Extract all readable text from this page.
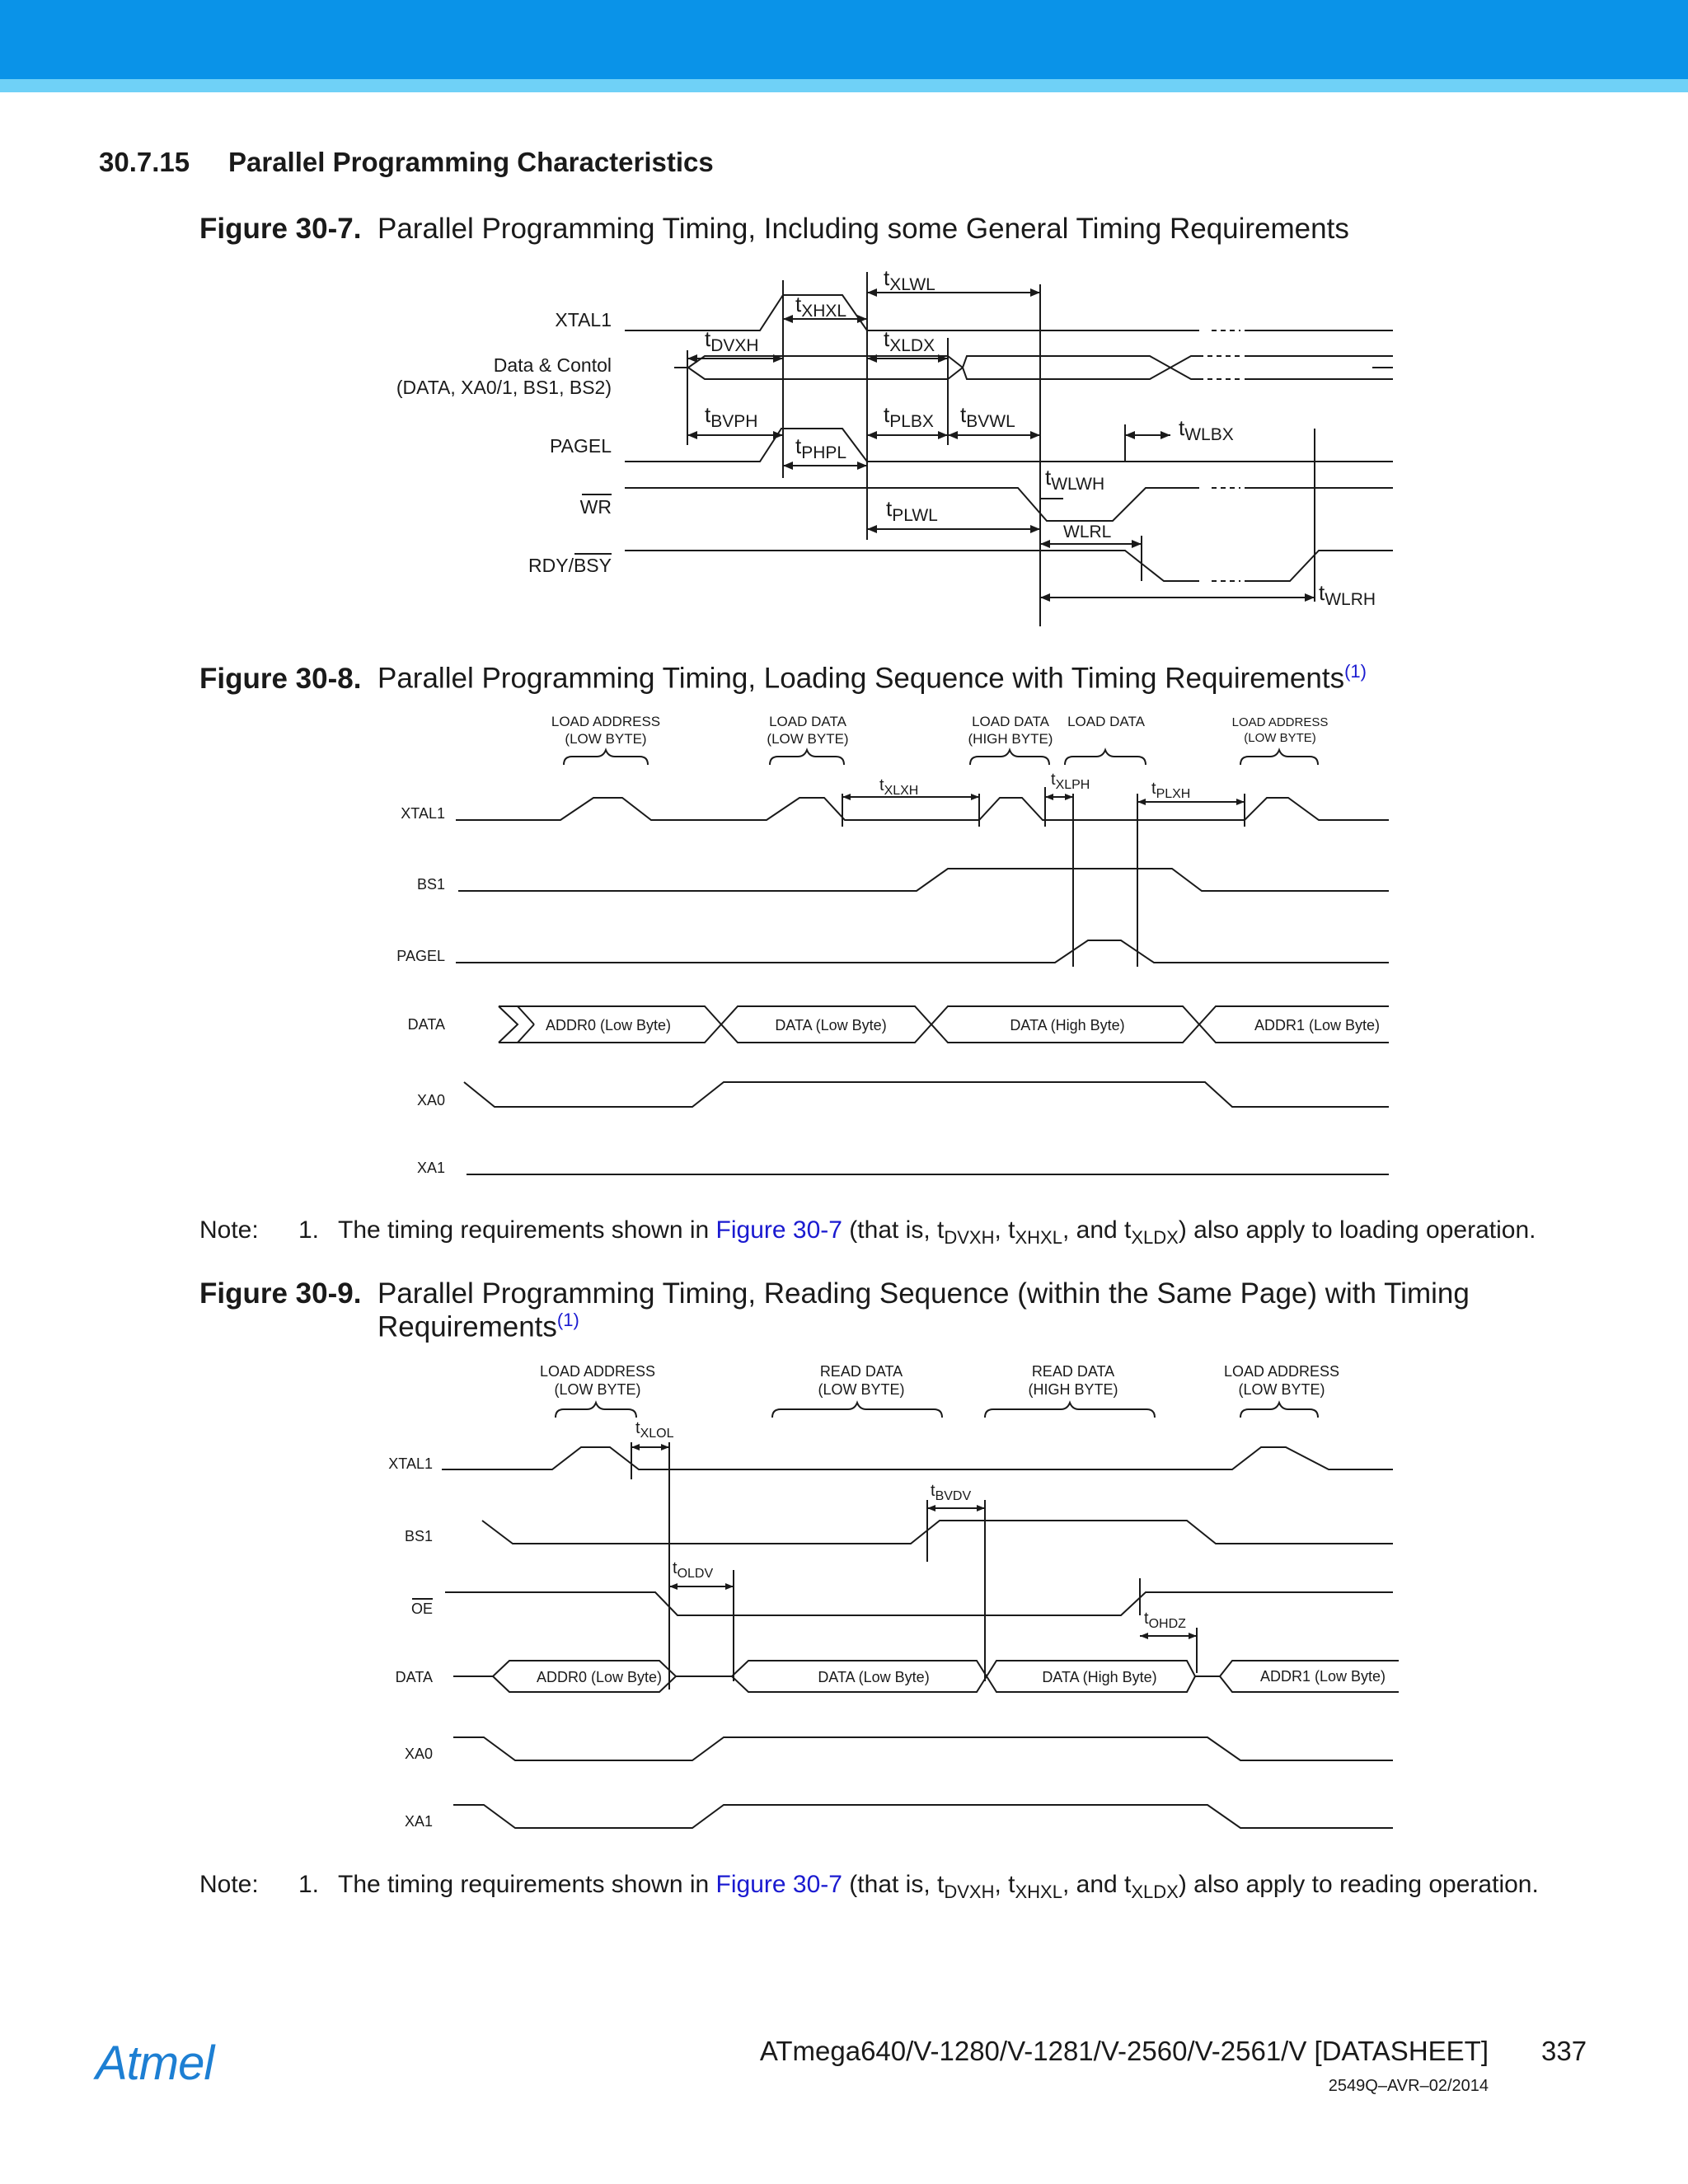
30.7.15 Parallel Programming Characteristics
Figure 30-7. Parallel Programming Timing, Including some General Timing Requirements
XTAL1
Data & Contol
(DATA, XA0/1, BS1, BS2)
PAGEL
WR
RDY/BSY
$t_{XLWL}$
$t_{XHXL}$
$t_{DVXH}$	$t_{XLDX}$
$t_{BVPH}$	$t_{PLBX}$ $t_{BVWL}$	$t_{WLBX}$
$t_{PHPL}$
$t_{WLWH}$
$t_{PLWL}$
WLRL
$t_{WLRH}$
Figure 30-8. Parallel Programming Timing, Loading Sequence with Timing Requirements$^{(1)}$
LOAD ADDRESS
(LOW BYTE)
LOAD DATA
(LOW BYTE)
LOAD DATA
(HIGH BYTE)
LOAD DATA	LOAD ADDRESS
(LOW BYTE)
XTAL1
BS1
PAGEL
DATA
XA0
XA1
ADDR0 (Low Byte)	DATA (Low Byte)	DATA (High Byte)	ADDR1 (Low Byte)
$t_{XLXH}$
$t_{XLPH}$	$t_{PLXH}$
Note: 1. The timing requirements shown in Figure 30-7 (that is, $t_{DVXH}$, $t_{XHXL}$, and $t_{XLDX}$) also apply to loading operation.
Figure 30-9. Parallel Programming Timing, Reading Sequence (within the Same Page) with Timing
Requirements$^{(1)}$
LOAD ADDRESS
(LOW BYTE)
READ DATA
(LOW BYTE)
READ DATA
(HIGH BYTE)
LOAD ADDRESS
(LOW BYTE)
XTAL1
BS1
OE
DATA
XA0
XA1
ADDR0 (Low Byte)	DATA (Low Byte)	DATA (High Byte)	ADDR1 (Low Byte)
$t_{XLOL}$
$t_{BVDV}$
$t_{OLDV}$
$t_{OHDZ}$
Note: 1. The timing requirements shown in Figure 30-7 (that is, $t_{DVXH}$, $t_{XHXL}$, and $t_{XLDX}$) also apply to reading operation.
Atmel	ATmega640/V-1280/V-1281/V-2560/V-2561/V [DATASHEET] 337
2549Q–AVR–02/2014
